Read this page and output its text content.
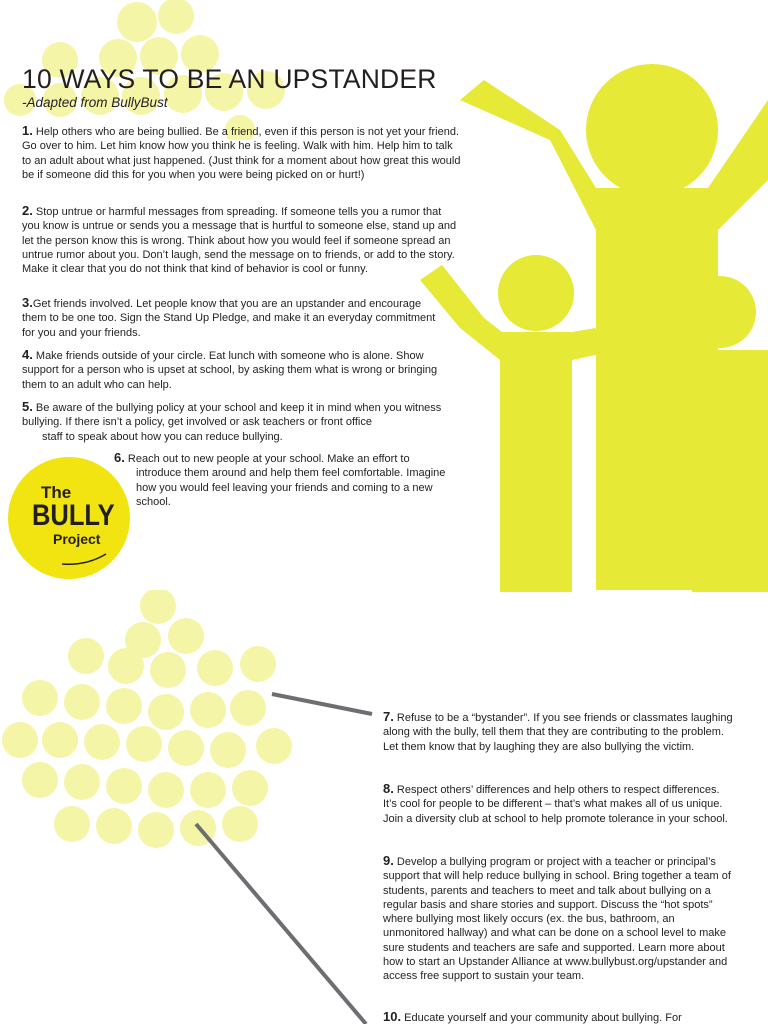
10 WAYS TO BE AN UPSTANDER
-Adapted from BullyBust

1. Help others who are being bullied. Be a friend, even if this person is not yet your friend. Go over to him. Let him know how you think he is feeling. Walk with him. Help him to talk to an adult about what just happened. (Just think for a moment about how great this would be if someone did this for you when you were being picked on or hurt!)

2. Stop untrue or harmful messages from spreading. If someone tells you a rumor that you know is untrue or sends you a message that is hurtful to someone else, stand up and let the person know this is wrong. Think about how you would feel if someone spread an untrue rumor about you. Don’t laugh, send the message on to friends, or add to the story. Make it clear that you do not think that kind of behavior is cool or funny.

3.Get friends involved. Let people know that you are an upstander and encourage them to be one too. Sign the Stand Up Pledge, and make it an everyday commitment for you and your friends.

4. Make friends outside of your circle. Eat lunch with someone who is alone. Show support for a person who is upset at school, by asking them what is wrong or bringing them to an adult who can help.

5. Be aware of the bullying policy at your school and keep it in mind when you witness bullying. If there isn’t a policy, get involved or ask teachers or front office

staff to speak about how you can reduce bullying.

6. Reach out to new people at your school. Make an effort to

introduce them around and help them feel comfortable. Imagine how you would feel leaving your friends and coming to a new school.

The
BULLY
Project

7. Refuse to be a “bystander”. If you see friends or classmates laughing along with the bully, tell them that they are contributing to the problem. Let them know that by laughing they are also bullying the victim.

8. Respect others’ differences and help others to respect differences. It’s cool for people to be different – that’s what makes all of us unique. Join a diversity club at school to help promote tolerance in your school.

9. Develop a bullying program or project with a teacher or principal’s support that will help reduce bullying in school. Bring together a team of students, parents and teachers to meet and talk about bullying on a regular basis and share stories and support. Discuss the “hot spots” where bullying most likely occurs (ex. the bus, bathroom, an unmonitored hallway) and what can be done on a school level to make sure students and teachers are safe and supported. Learn more about how to start an Upstander Alliance at www.bullybust.org/upstander and access free support to sustain your team.

10. Educate yourself and your community about bullying. For
